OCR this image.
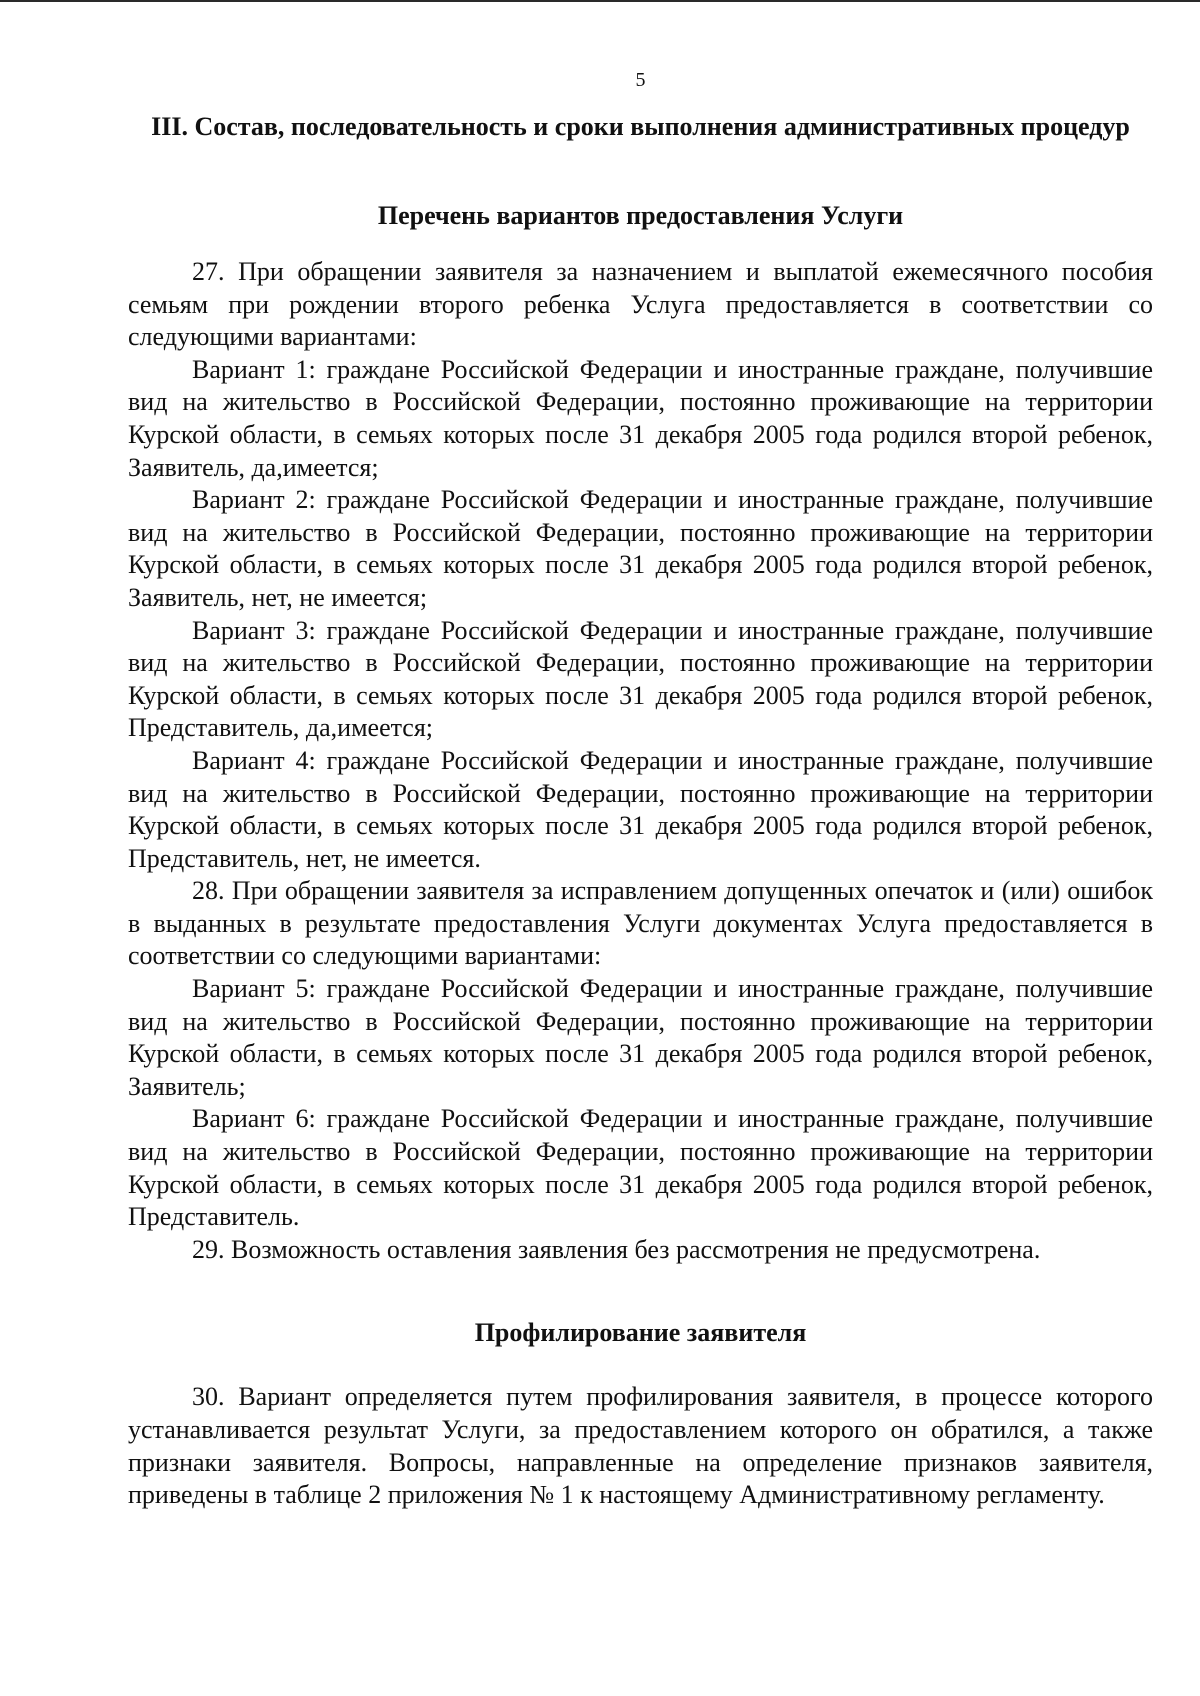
5
III. Состав, последовательность и сроки выполнения административных процедур
Перечень вариантов предоставления Услуги

27. При обращении заявителя за назначением и выплатой ежемесячного пособия семьям при рождении второго ребенка Услуга предоставляется в соответствии со следующими вариантами:

Вариант 1: граждане Российской Федерации и иностранные граждане, получившие вид на жительство в Российской Федерации, постоянно проживающие на территории Курской области, в семьях которых после 31 декабря 2005 года родился второй ребенок, Заявитель, да,имеется;

Вариант 2: граждане Российской Федерации и иностранные граждане, получившие вид на жительство в Российской Федерации, постоянно проживающие на территории Курской области, в семьях которых после 31 декабря 2005 года родился второй ребенок, Заявитель, нет, не имеется;

Вариант 3: граждане Российской Федерации и иностранные граждане, получившие вид на жительство в Российской Федерации, постоянно проживающие на территории Курской области, в семьях которых после 31 декабря 2005 года родился второй ребенок, Представитель, да,имеется;

Вариант 4: граждане Российской Федерации и иностранные граждане, получившие вид на жительство в Российской Федерации, постоянно проживающие на территории Курской области, в семьях которых после 31 декабря 2005 года родился второй ребенок, Представитель, нет, не имеется.

28. При обращении заявителя за исправлением допущенных опечаток и (или) ошибок в выданных в результате предоставления Услуги документах Услуга предоставляется в соответствии со следующими вариантами:

Вариант 5: граждане Российской Федерации и иностранные граждане, получившие вид на жительство в Российской Федерации, постоянно проживающие на территории Курской области, в семьях которых после 31 декабря 2005 года родился второй ребенок, Заявитель;

Вариант 6: граждане Российской Федерации и иностранные граждане, получившие вид на жительство в Российской Федерации, постоянно проживающие на территории Курской области, в семьях которых после 31 декабря 2005 года родился второй ребенок, Представитель.

29. Возможность оставления заявления без рассмотрения не предусмотрена.

Профилирование заявителя

30. Вариант определяется путем профилирования заявителя, в процессе которого устанавливается результат Услуги, за предоставлением которого он обратился, а также признаки заявителя. Вопросы, направленные на определение признаков заявителя, приведены в таблице 2 приложения № 1 к настоящему Административному регламенту.
